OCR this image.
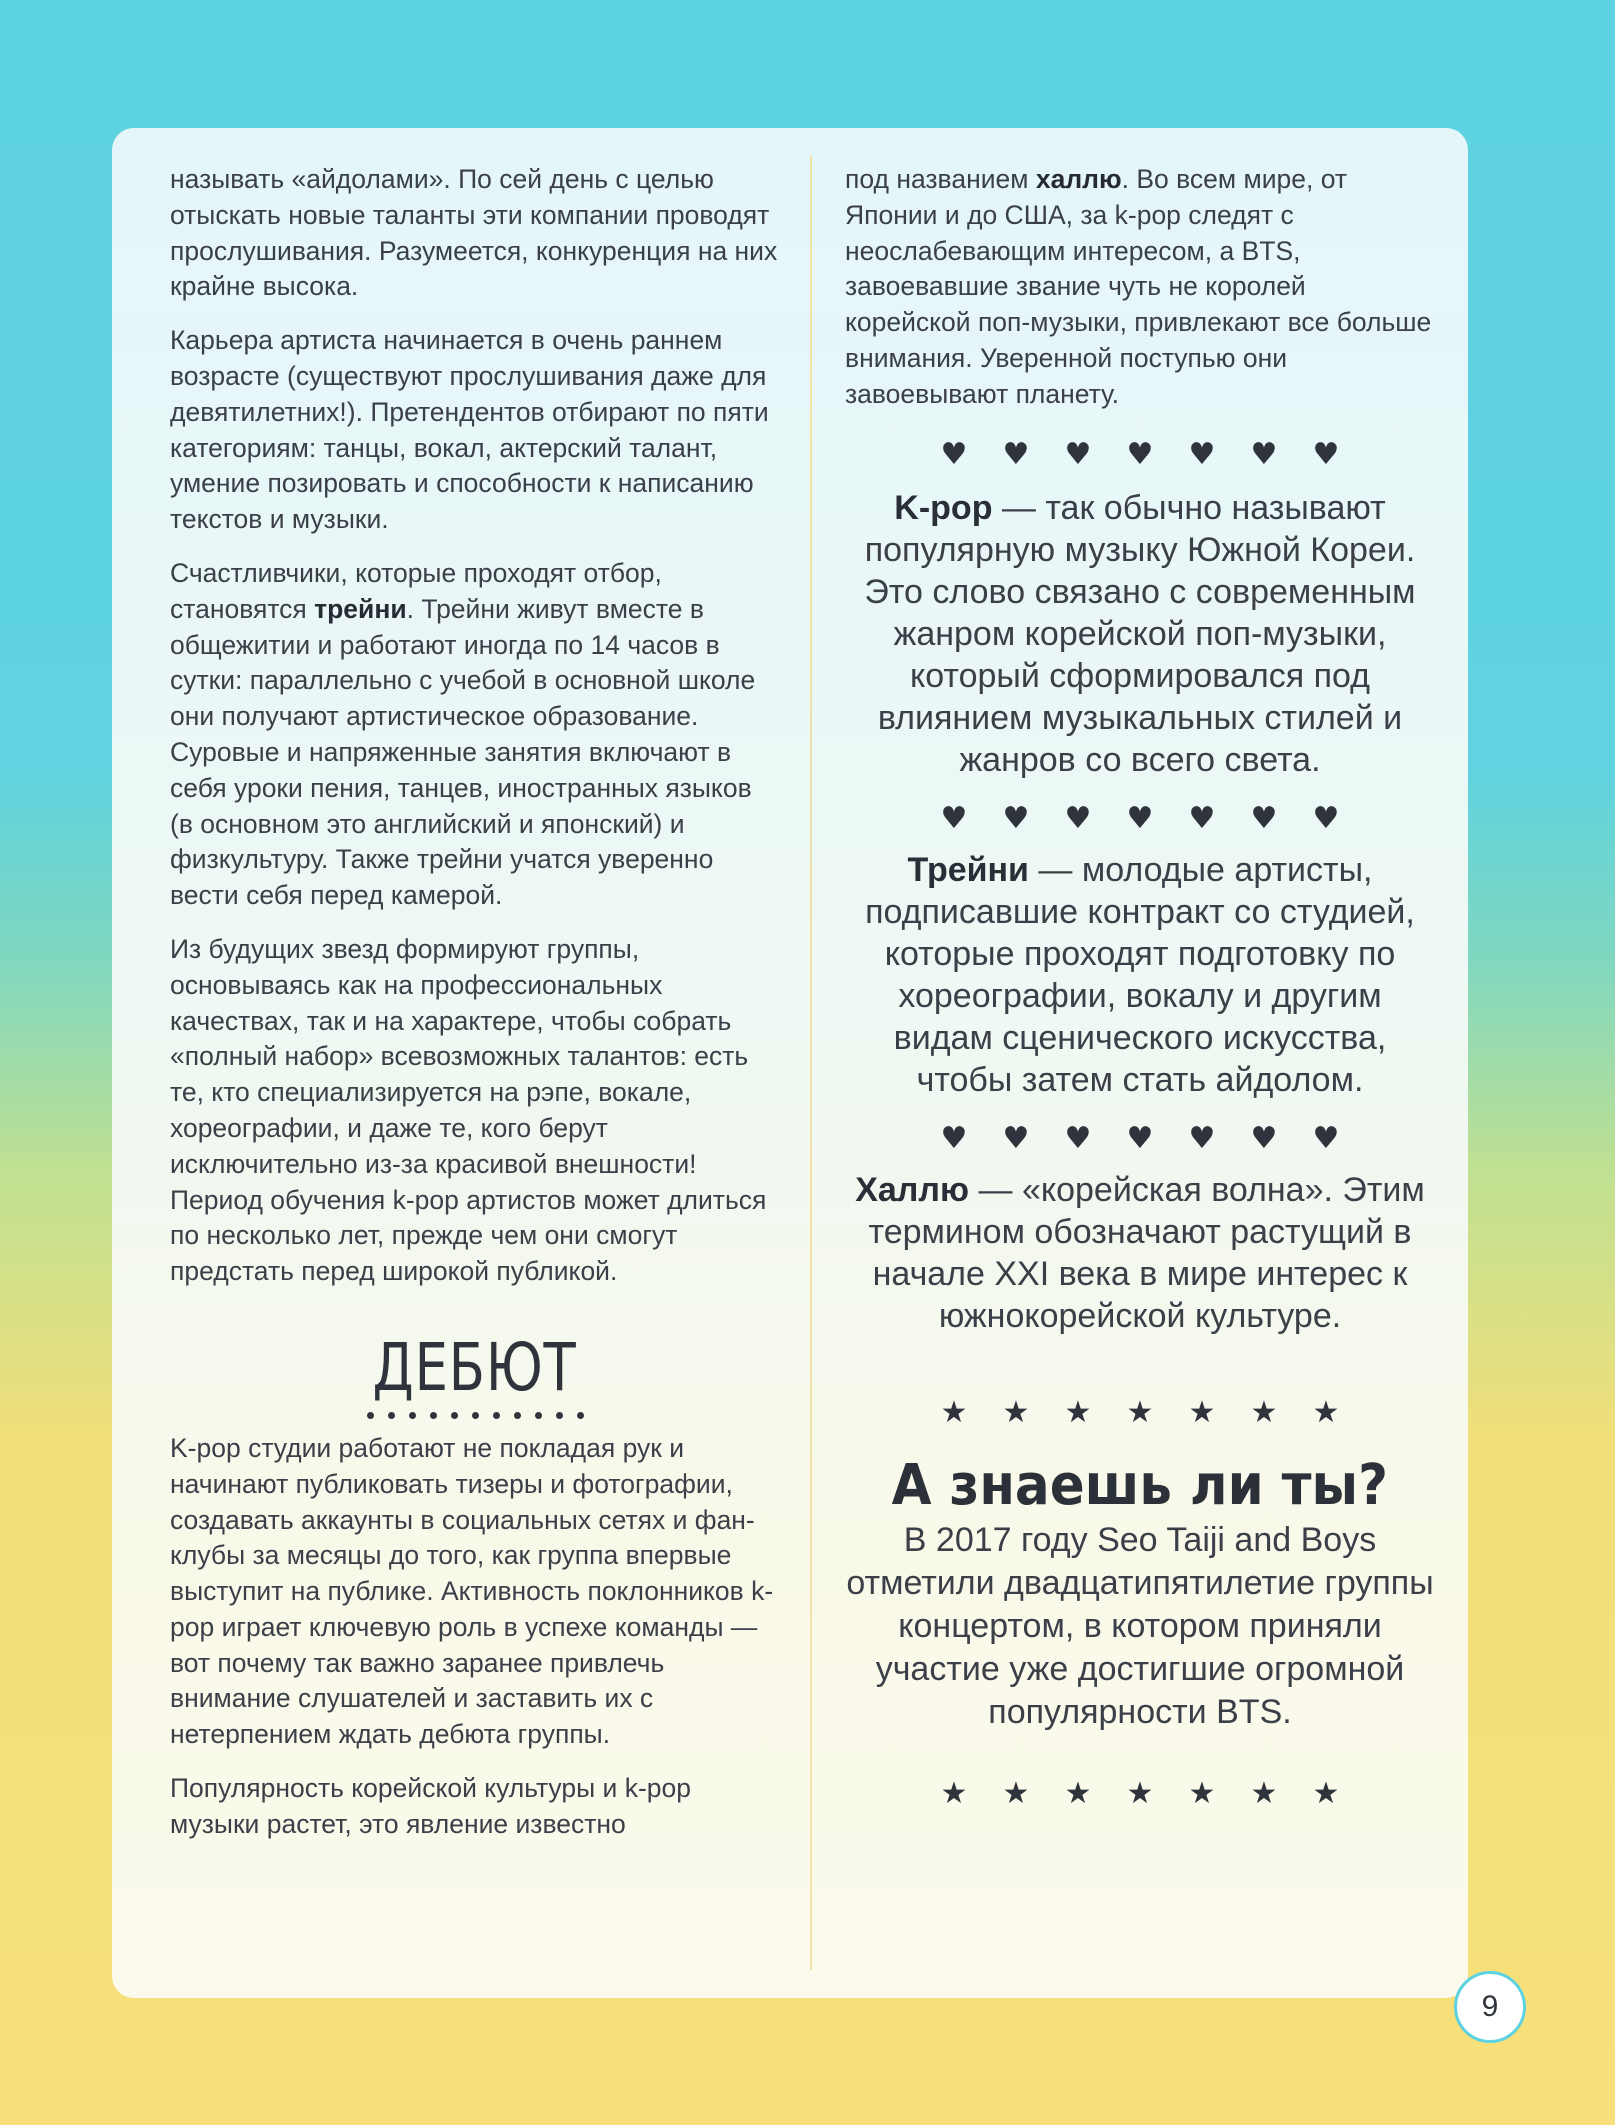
называть «айдолами». По сей день с целью отыскать новые таланты эти компании проводят прослушивания. Разумеется, конкуренция на них крайне высока.

Карьера артиста начинается в очень раннем возрасте (существуют прослушивания даже для девятилетних!). Претендентов отбирают по пяти категориям: танцы, вокал, актерский талант, умение позировать и способности к написанию текстов и музыки.

Счастливчики, которые проходят отбор, становятся трейни. Трейни живут вместе в общежитии и работают иногда по 14 часов в сутки: параллельно с учебой в основной школе они получают артистическое образование. Суровые и напряженные занятия включают в себя уроки пения, танцев, иностранных языков (в основном это английский и японский) и физкультуру. Также трейни учатся уверенно вести себя перед камерой.

Из будущих звезд формируют группы, основываясь как на профессиональных качествах, так и на характере, чтобы собрать «полный набор» всевозможных талантов: есть те, кто специализируется на рэпе, вокале, хореографии, и даже те, кого берут исключительно из-за красивой внешности! Период обучения k-pop артистов может длиться по несколько лет, прежде чем они смогут предстать перед широкой публикой.

ДЕБЮТ

K-pop студии работают не покладая рук и начинают публиковать тизеры и фотографии, создавать аккаунты в социальных сетях и фан-клубы за месяцы до того, как группа впервые выступит на публике. Активность поклонников k-pop играет ключевую роль в успехе команды — вот почему так важно заранее привлечь внимание слушателей и заставить их с нетерпением ждать дебюта группы.

Популярность корейской культуры и k-pop музыки растет, это явление известно

под названием халлю. Во всем мире, от Японии и до США, за k-pop следят с неослабевающим интересом, а BTS, завоевавшие звание чуть не королей корейской поп-музыки, привлекают все больше внимания. Уверенной поступью они завоевывают планету.

♥ ♥ ♥ ♥ ♥ ♥ ♥

K-pop — так обычно называют популярную музыку Южной Кореи. Это слово связано с современным жанром корейской поп-музыки, который сформировался под влиянием музыкальных стилей и жанров со всего света.

♥ ♥ ♥ ♥ ♥ ♥ ♥

Трейни — молодые артисты, подписавшие контракт со студией, которые проходят подготовку по хореографии, вокалу и другим видам сценического искусства, чтобы затем стать айдолом.

♥ ♥ ♥ ♥ ♥ ♥ ♥

Халлю — «корейская волна». Этим термином обозначают растущий в начале XXI века в мире интерес к южнокорейской культуре.

★ ★ ★ ★ ★ ★ ★
А знаешь ли ты?

В 2017 году Seo Taiji and Boys отметили двадцатипятилетие группы концертом, в котором приняли участие уже достигшие огромной популярности BTS.

★ ★ ★ ★ ★ ★ ★
9
